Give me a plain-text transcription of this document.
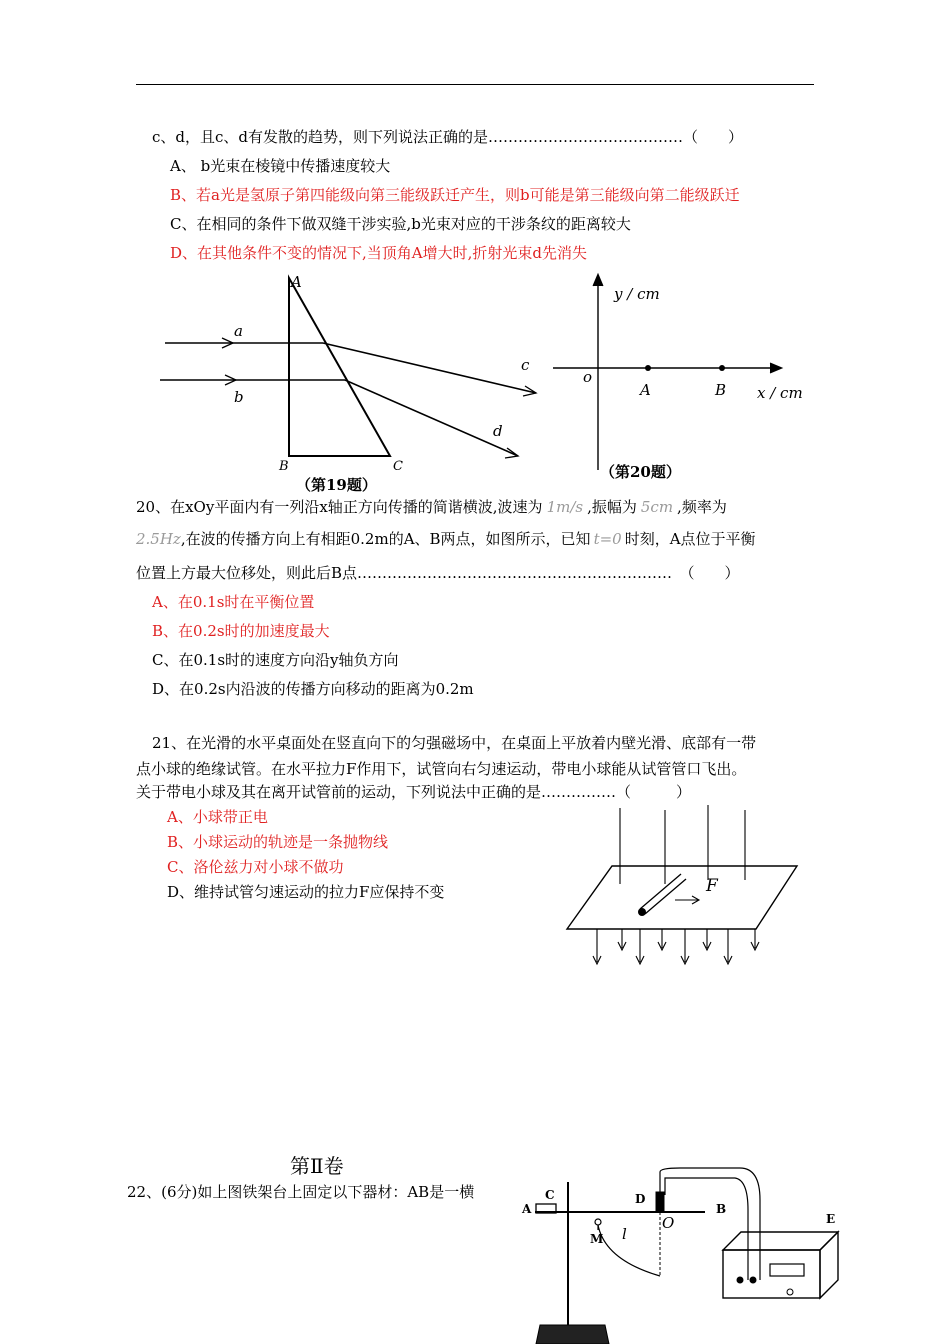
c、d，且c、d有发散的趋势，则下列说法正确的是…………………………………（　　）
A、 b光束在棱镜中传播速度较大
B、若a光是氢原子第四能级向第三能级跃迁产生，则b可能是第三能级向第二能级跃迁
C、在相同的条件下做双缝干涉实验,b光束对应的干涉条纹的距离较大
D、在其他条件不变的情况下,当顶角A增大时,折射光束d先消失
A
a
b
c
d
B	C
（第19题）
y / cm
o
A	B x / cm
（第20题）
20、在xOy平面内有一列沿x轴正方向传播的简谐横波,波速为 1m/s ,振幅为 5cm ,频率为
2.5Hz,在波的传播方向上有相距0.2m的A、B两点，如图所示，已知 t=0 时刻，A点位于平衡
位置上方最大位移处，则此后B点………………………………………………………　（　　）
A、在0.1s时在平衡位置
B、在0.2s时的加速度最大
C、在0.1s时的速度方向沿y轴负方向
D、在0.2s内沿波的传播方向移动的距离为0.2m
21、在光滑的水平桌面处在竖直向下的匀强磁场中，在桌面上平放着内壁光滑、底部有一带
点小球的绝缘试管。在水平拉力F作用下，试管向右匀速运动，带电小球能从试管管口飞出。
关于带电小球及其在离开试管前的运动，下列说法中正确的是……………（　　　）
A、小球带正电
B、小球运动的轨迹是一条抛物线
C、洛伦兹力对小球不做功
D、维持试管匀速运动的拉力F应保持不变	F
第Ⅱ卷
22、(6分)如上图铁架台上固定以下器材：AB是一横
A
C	D
B
O
M l
E
